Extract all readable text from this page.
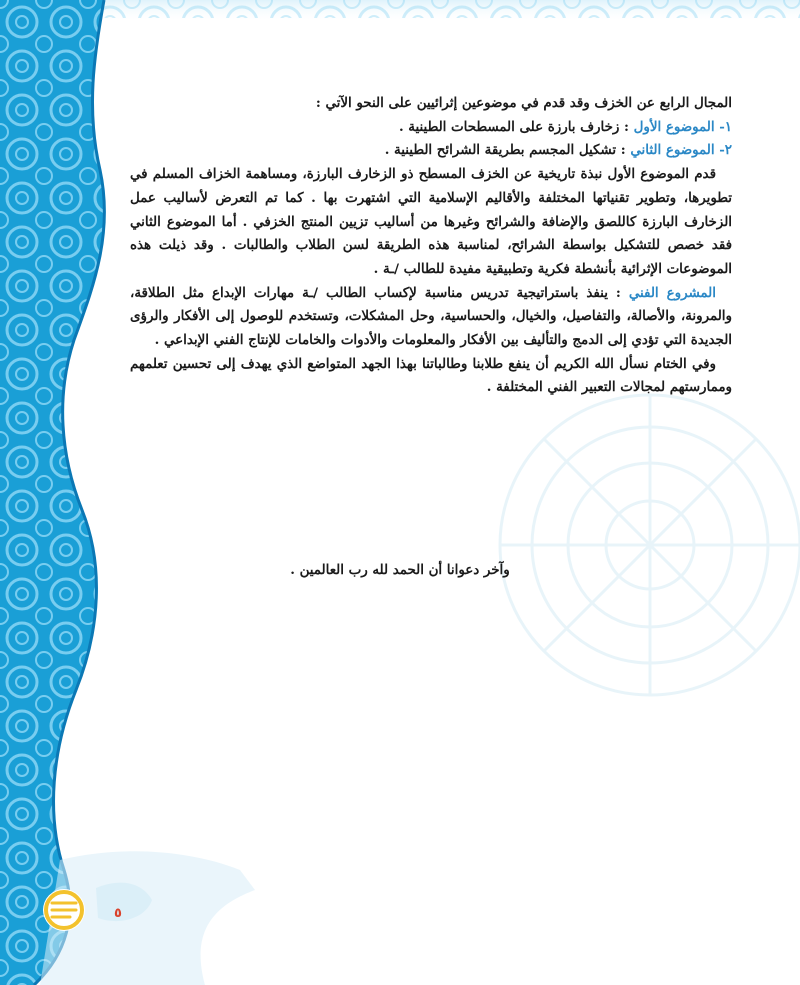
المجال الرابع عن الخزف وقد قدم في موضوعين إثرائيين على النحو الآتي :

١- الموضوع الأول : زخارف بارزة على المسطحات الطينية .

٢- الموضوع الثاني : تشكيل المجسم بطريقة الشرائح الطينية .

قدم الموضوع الأول نبذة تاريخية عن الخزف المسطح ذو الزخارف البارزة، ومساهمة الخزاف المسلم في تطويرها، وتطوير تقنياتها المختلفة والأقاليم الإسلامية التي اشتهرت بها . كما تم التعرض لأساليب عمل الزخارف البارزة كاللصق والإضافة والشرائح وغيرها من أساليب تزيين المنتج الخزفي . أما الموضوع الثاني فقد خصص للتشكيل بواسطة الشرائح، لمناسبة هذه الطريقة لسن الطلاب والطالبات . وقد ذيلت هذه الموضوعات الإثرائية بأنشطة فكرية وتطبيقية مفيدة للطالب /ـة .

المشروع الفني : ينفذ باستراتيجية تدريس مناسبة لإكساب الطالب /ـة مهارات الإبداع مثل الطلاقة، والمرونة، والأصالة، والتفاصيل، والخيال، والحساسية، وحل المشكلات، وتستخدم للوصول إلى الأفكار والرؤى الجديدة التي تؤدي إلى الدمج والتأليف بين الأفكار والمعلومات والأدوات والخامات للإنتاج الفني الإبداعي .

وفي الختام نسأل الله الكريم أن ينفع طلابنا وطالباتنا بهذا الجهد المتواضع الذي يهدف إلى تحسين تعلمهم وممارستهم لمجالات التعبير الفني المختلفة .

وآخر دعوانا أن الحمد لله رب العالمين .
٥
